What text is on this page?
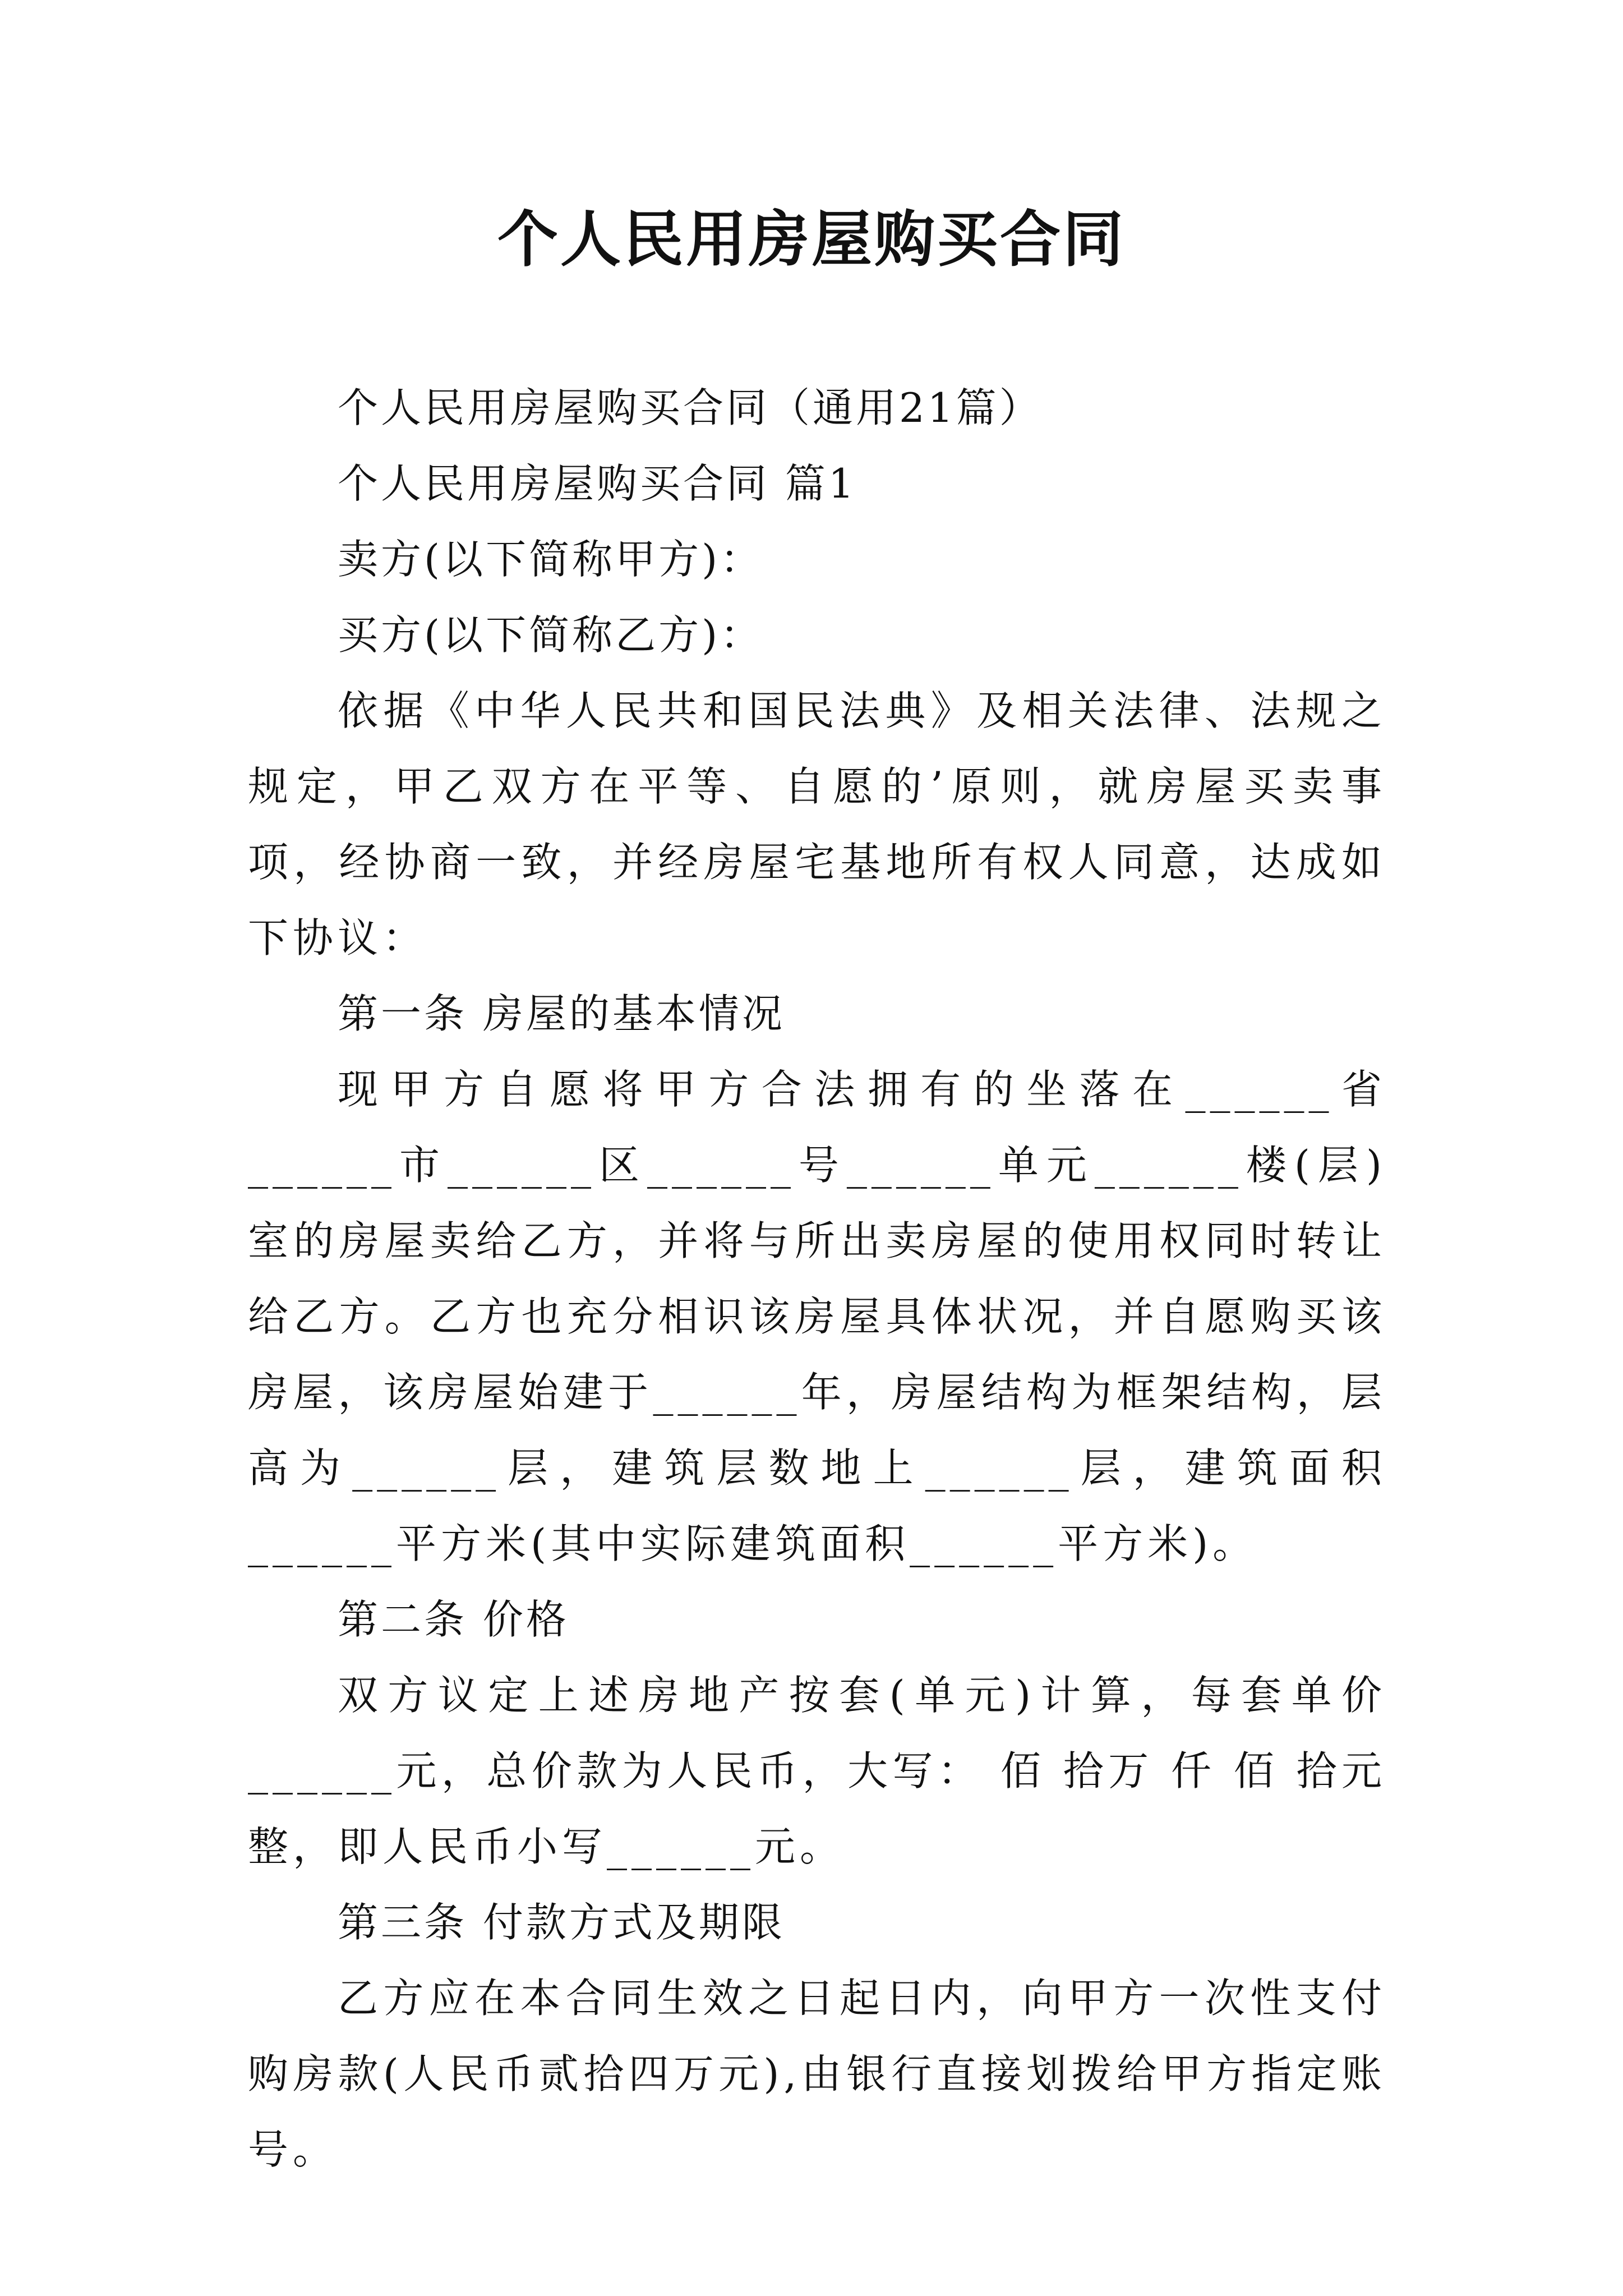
个人民用房屋购买合同

个人民用房屋购买合同（通用21篇）

个人民用房屋购买合同 篇1

卖方(以下简称甲方)：

买方(以下简称乙方)：

依据《中华人民共和国民法典》及相关法律、法规之规定，甲乙双方在平等、自愿的’原则，就房屋买卖事项，经协商一致，并经房屋宅基地所有权人同意，达成如下协议：

第一条 房屋的基本情况

现甲方自愿将甲方合法拥有的坐落在______省______市______区______号______单元______楼(层)室的房屋卖给乙方，并将与所出卖房屋的使用权同时转让给乙方。乙方也充分相识该房屋具体状况，并自愿购买该房屋，该房屋始建于______年，房屋结构为框架结构，层高为______层，建筑层数地上______层，建筑面积______平方米(其中实际建筑面积______平方米)。

第二条 价格

双方议定上述房地产按套(单元)计算，每套单价______元，总价款为人民币，大写： 佰 拾万 仟 佰 拾元整，即人民币小写______元。

第三条 付款方式及期限

乙方应在本合同生效之日起日内，向甲方一次性支付购房款(人民币贰拾四万元),由银行直接划拨给甲方指定账号。
